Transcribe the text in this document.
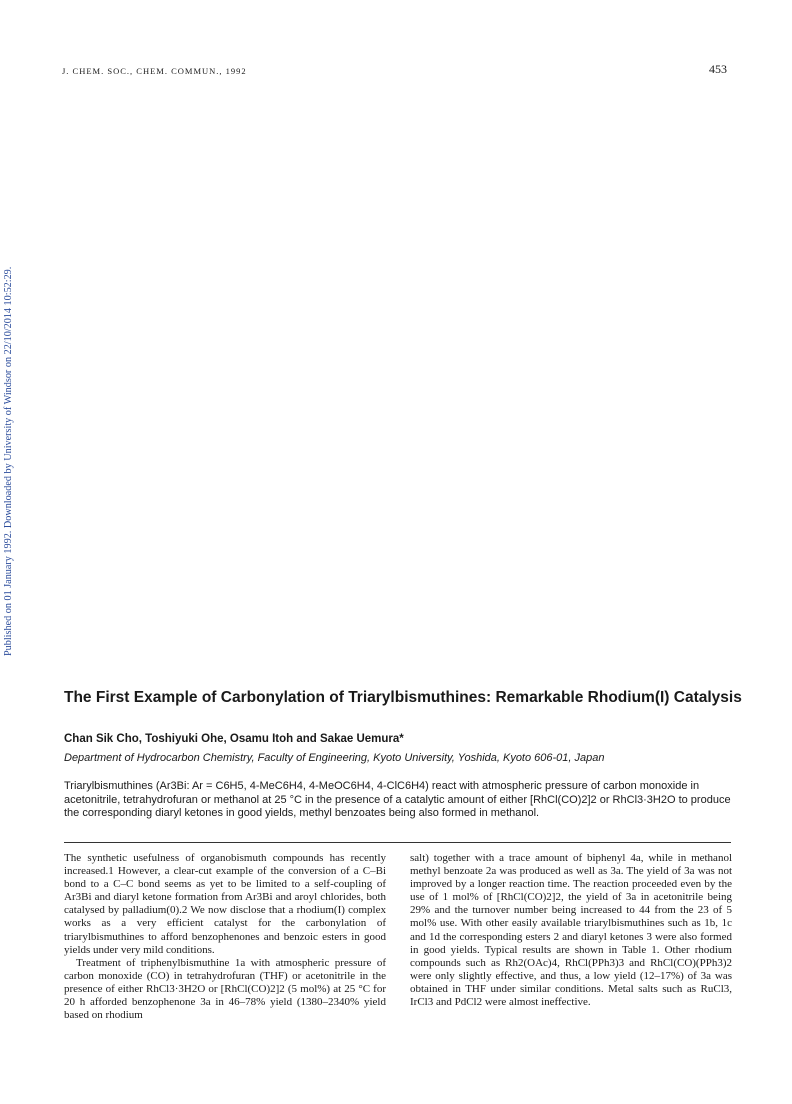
J. CHEM. SOC., CHEM. COMMUN., 1992	453
Published on 01 January 1992. Downloaded by University of Windsor on 22/10/2014 10:52:29.
The First Example of Carbonylation of Triarylbismuthines: Remarkable Rhodium(I) Catalysis
Chan Sik Cho, Toshiyuki Ohe, Osamu Itoh and Sakae Uemura*
Department of Hydrocarbon Chemistry, Faculty of Engineering, Kyoto University, Yoshida, Kyoto 606-01, Japan

Triarylbismuthines (Ar3Bi: Ar = C6H5, 4-MeC6H4, 4-MeOC6H4, 4-ClC6H4) react with atmospheric pressure of carbon monoxide in acetonitrile, tetrahydrofuran or methanol at 25 °C in the presence of a catalytic amount of either [RhCl(CO)2]2 or RhCl3·3H2O to produce the corresponding diaryl ketones in good yields, methyl benzoates being also formed in methanol.

The synthetic usefulness of organobismuth compounds has recently increased.1 However, a clear-cut example of the conversion of a C–Bi bond to a C–C bond seems as yet to be limited to a self-coupling of Ar3Bi and diaryl ketone formation from Ar3Bi and aroyl chlorides, both catalysed by palladium(0).2 We now disclose that a rhodium(I) complex works as a very efficient catalyst for the carbonylation of triarylbismuthines to afford benzophenones and benzoic esters in good yields under very mild conditions.

Treatment of triphenylbismuthine 1a with atmospheric pressure of carbon monoxide (CO) in tetrahydrofuran (THF) or acetonitrile in the presence of either RhCl3·3H2O or [RhCl(CO)2]2 (5 mol%) at 25 °C for 20 h afforded benzophenone 3a in 46–78% yield (1380–2340% yield based on rhodium

salt) together with a trace amount of biphenyl 4a, while in methanol methyl benzoate 2a was produced as well as 3a. The yield of 3a was not improved by a longer reaction time. The reaction proceeded even by the use of 1 mol% of [RhCl(CO)2]2, the yield of 3a in acetonitrile being 29% and the turnover number being increased to 44 from the 23 of 5 mol% use. With other easily available triarylbismuthines such as 1b, 1c and 1d the corresponding esters 2 and diaryl ketones 3 were also formed in good yields. Typical results are shown in Table 1. Other rhodium compounds such as Rh2(OAc)4, RhCl(PPh3)3 and RhCl(CO)(PPh3)2 were only slightly effective, and thus, a low yield (12–17%) of 3a was obtained in THF under similar conditions. Metal salts such as RuCl3, IrCl3 and PdCl2 were almost ineffective.
